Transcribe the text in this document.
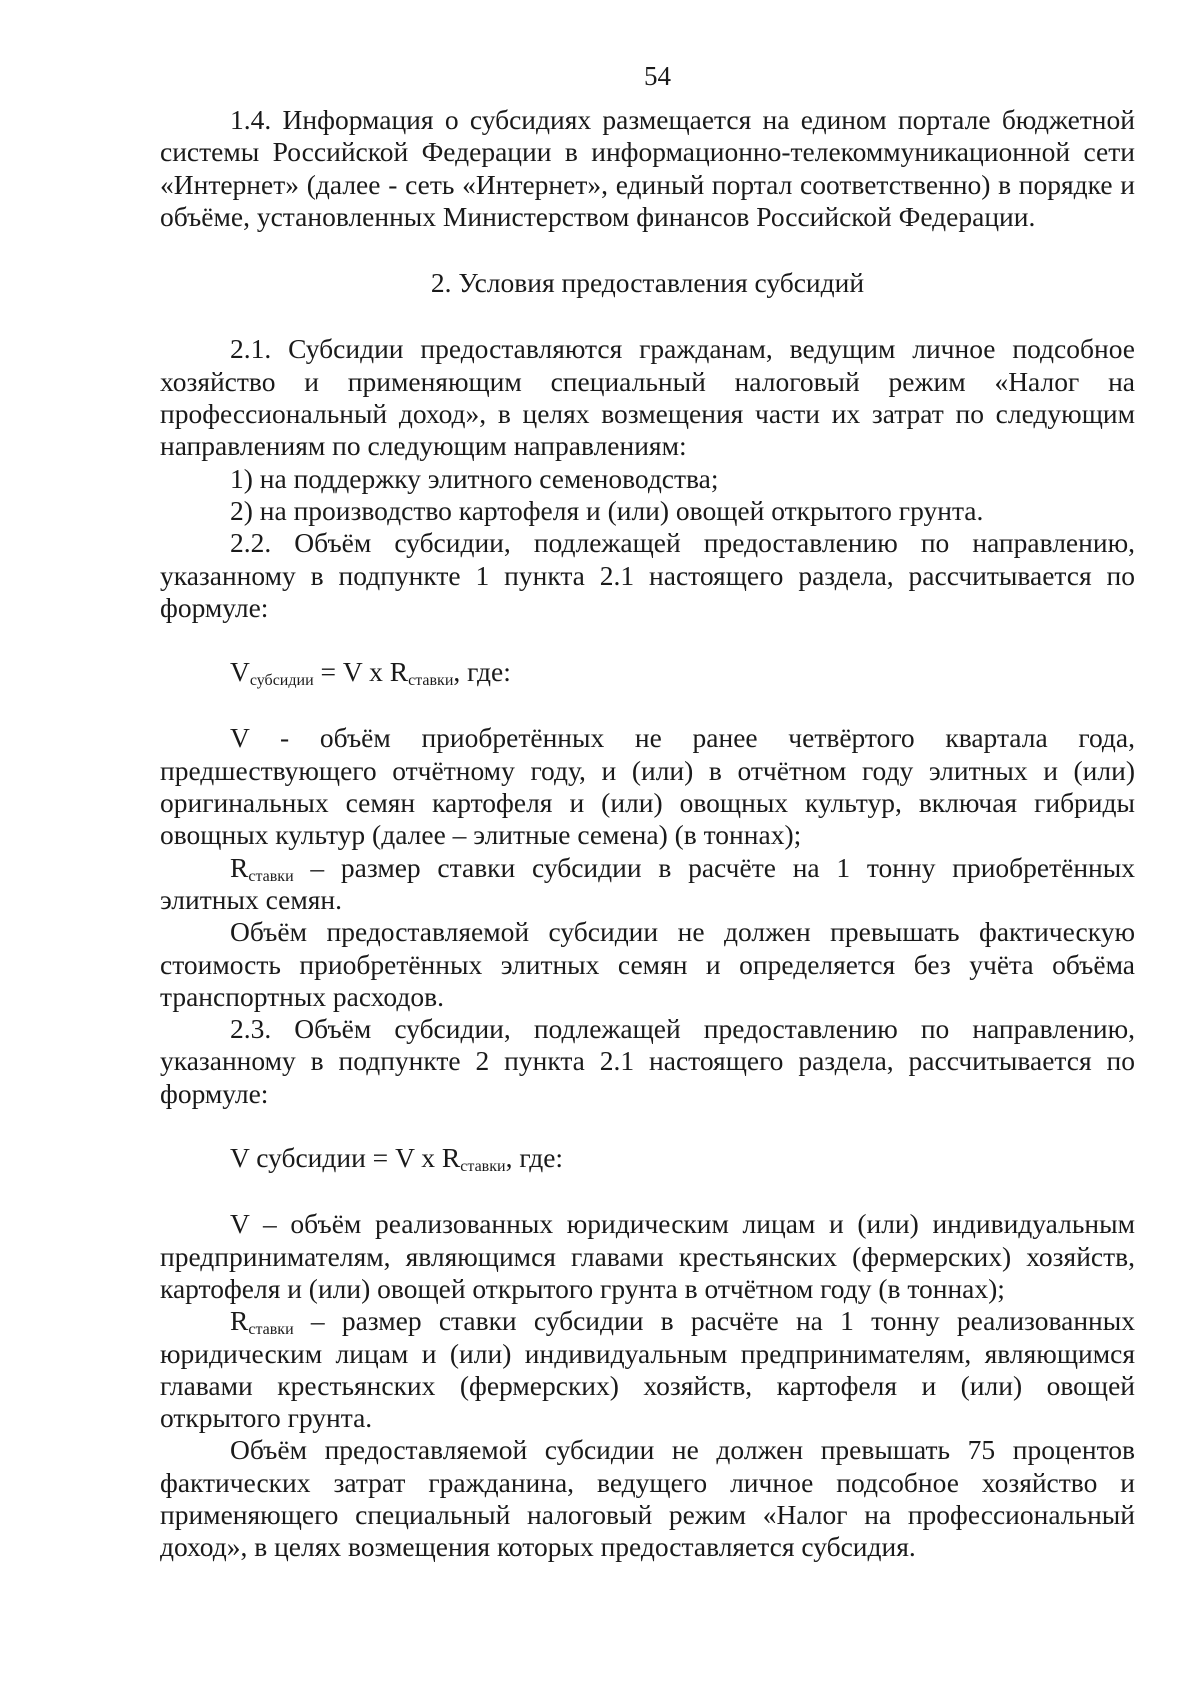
54

1.4. Информация о субсидиях размещается на едином портале бюджетной системы Российской Федерации в информационно-телекоммуникационной сети «Интернет» (далее - сеть «Интернет», единый портал соответственно) в порядке и объёме, установленных Министерством финансов Российской Федерации.

2. Условия предоставления субсидий

2.1. Субсидии предоставляются гражданам, ведущим личное подсобное хозяйство и применяющим специальный налоговый режим «Налог на профессиональный доход», в целях возмещения части их затрат по следующим направлениям по следующим направлениям:

1) на поддержку элитного семеноводства;

2) на производство картофеля и (или) овощей открытого грунта.

2.2. Объём субсидии, подлежащей предоставлению по направлению, указанному в подпункте 1 пункта 2.1 настоящего раздела, рассчитывается по формуле:

$V_{субсидии} = V$ x $R_{ставки}$, где:

V - объём приобретённых не ранее четвёртого квартала года, предшествующего отчётному году, и (или) в отчётном году элитных и (или) оригинальных семян картофеля и (или) овощных культур, включая гибриды овощных культур (далее – элитные семена) (в тоннах);

$R_{ставки}$ – размер ставки субсидии в расчёте на 1 тонну приобретённых элитных семян.

Объём предоставляемой субсидии не должен превышать фактическую стоимость приобретённых элитных семян и определяется без учёта объёма транспортных расходов.

2.3. Объём субсидии, подлежащей предоставлению по направлению, указанному в подпункте 2 пункта 2.1 настоящего раздела, рассчитывается по формуле:

V субсидии = V x $R_{ставки}$, где:

V – объём реализованных юридическим лицам и (или) индивидуальным предпринимателям, являющимся главами крестьянских (фермерских) хозяйств, картофеля и (или) овощей открытого грунта в отчётном году (в тоннах);

$R_{ставки}$ – размер ставки субсидии в расчёте на 1 тонну реализованных юридическим лицам и (или) индивидуальным предпринимателям, являющимся главами крестьянских (фермерских) хозяйств, картофеля и (или) овощей открытого грунта.

Объём предоставляемой субсидии не должен превышать 75 процентов фактических затрат гражданина, ведущего личное подсобное хозяйство и применяющего специальный налоговый режим «Налог на профессиональный доход», в целях возмещения которых предоставляется субсидия.
